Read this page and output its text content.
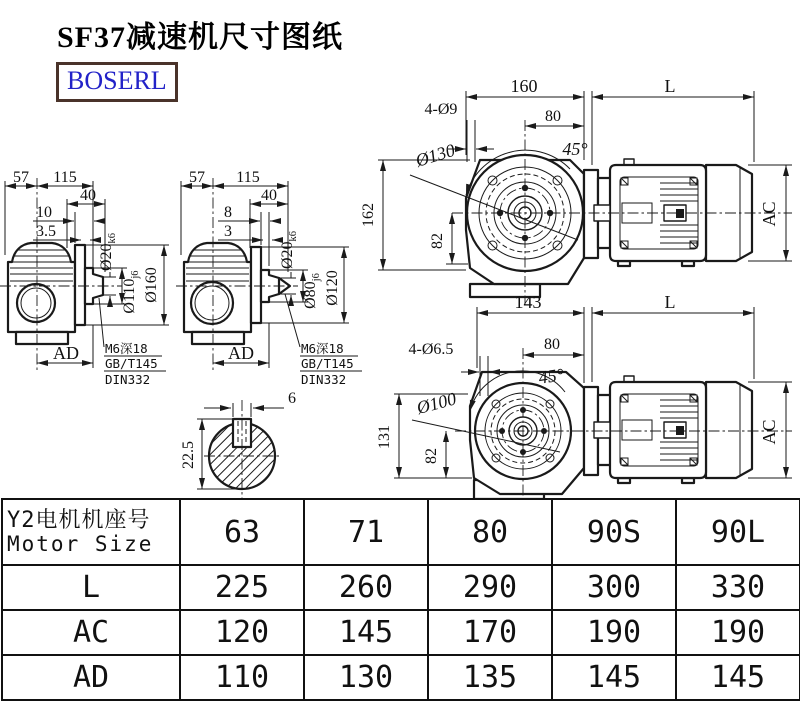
SF37减速机尺寸图纸
BOSERL
57 115
40
10
3.5
$Ø20_{k6}$
$Ø110_{j6}$ Ø160
AD M6深18
GB/T145
DIN332
57 115
40
8
3
$Ø20_{k6}$
$Ø80_{j6}$ Ø120
AD	M6深18
GB/T145
DIN332
6
22.5
160	L
4-Ø9	80
45°
Ø130
162
82
AC
143	L
4-Ø6.5	80
45°
Ø100
131
82
AC
Y2电机机座号
Motor Size	63	71	80	90S	90L
L	225	260	290	300	330
AC	120	145	170	190	190
AD	110	130	135	145	145
